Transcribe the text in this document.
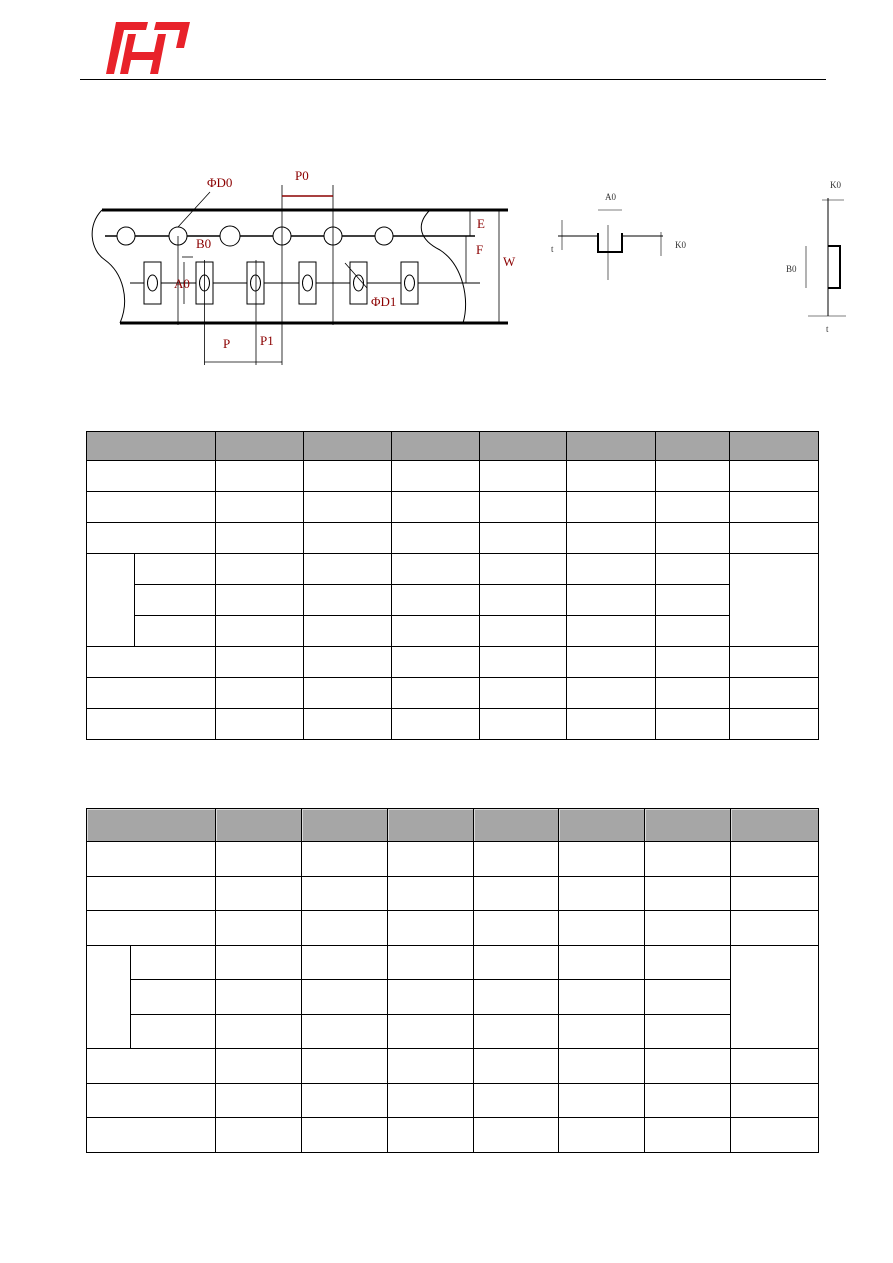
P0
ΦD0
E
F
W
B0
A0
ΦD1
P P1
A0
K0
t
K0
B0
t
